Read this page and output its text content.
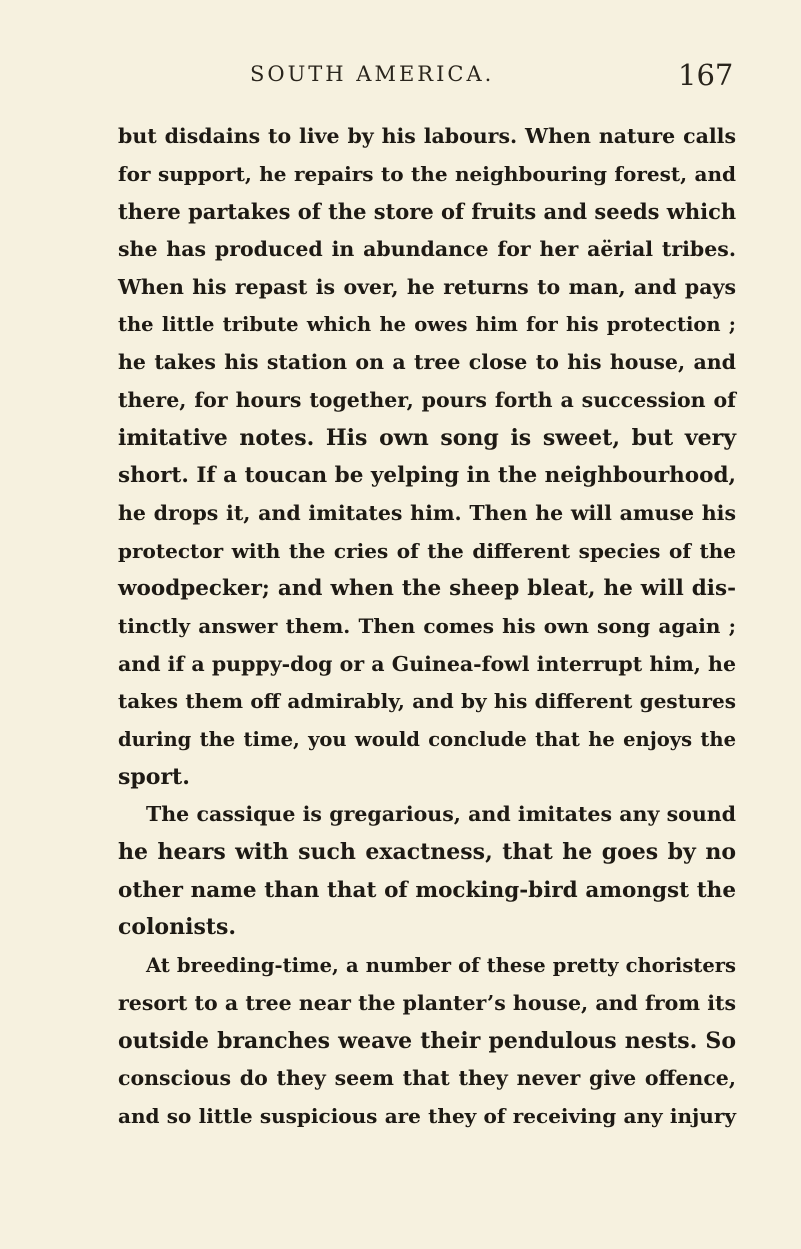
SOUTH AMERICA.	167
but disdains to live by his labours. When nature calls
for support, he repairs to the neighbouring forest, and
there partakes of the store of fruits and seeds which
she has produced in abundance for her aërial tribes.
When his repast is over, he returns to man, and pays
the little tribute which he owes him for his protection ;
he takes his station on a tree close to his house, and
there, for hours together, pours forth a succession of
imitative notes. His own song is sweet, but very
short. If a toucan be yelping in the neighbourhood,
he drops it, and imitates him. Then he will amuse his
protector with the cries of the different species of the
woodpecker; and when the sheep bleat, he will dis-
tinctly answer them. Then comes his own song again ;
and if a puppy-dog or a Guinea-fowl interrupt him, he
takes them off admirably, and by his different gestures
during the time, you would conclude that he enjoys the
sport.
The cassique is gregarious, and imitates any sound
he hears with such exactness, that he goes by no
other name than that of mocking-bird amongst the
colonists.
At breeding-time, a number of these pretty choristers
resort to a tree near the planter’s house, and from its
outside branches weave their pendulous nests. So
conscious do they seem that they never give offence,
and so little suspicious are they of receiving any injury
